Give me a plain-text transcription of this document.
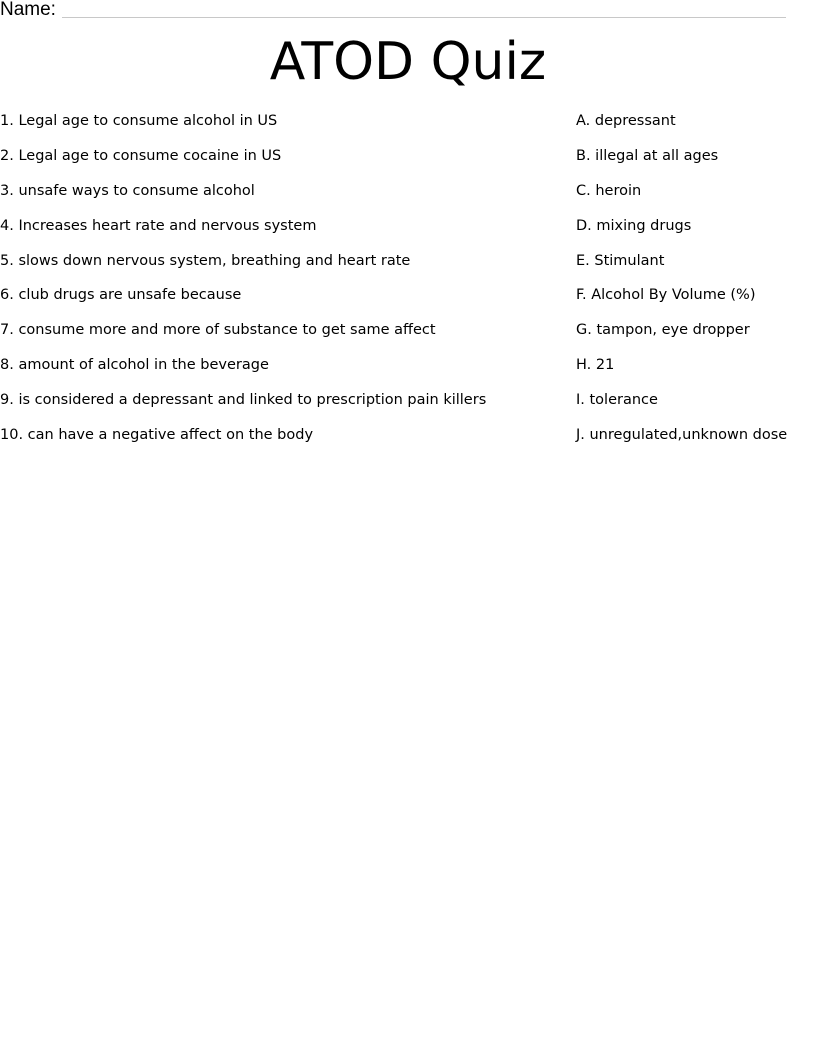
Name:
ATOD Quiz
1. Legal age to consume alcohol in US
2. Legal age to consume cocaine in US
3. unsafe ways to consume alcohol
4. Increases heart rate and nervous system
5. slows down nervous system, breathing and heart rate
6. club drugs are unsafe because
7. consume more and more of substance to get same affect
8. amount of alcohol in the beverage
9. is considered a depressant and linked to prescription pain killers
10. can have a negative affect on the body
A. depressant
B. illegal at all ages
C. heroin
D. mixing drugs
E. Stimulant
F. Alcohol By Volume (%)
G. tampon, eye dropper
H. 21
I. tolerance
J. unregulated,unknown dose
